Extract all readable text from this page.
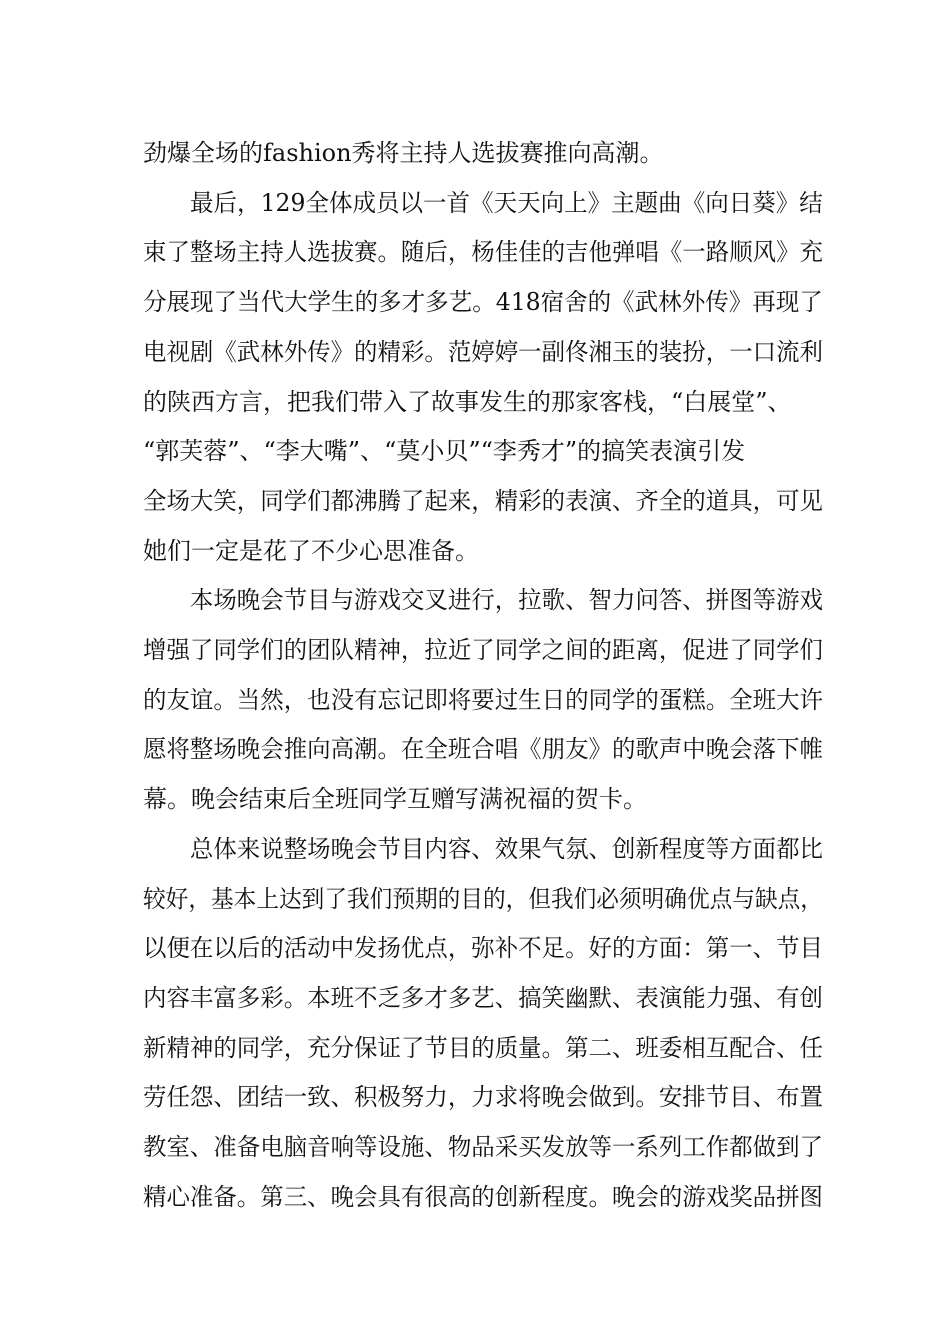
劲爆全场的fashion秀将主持人选拔赛推向高潮。
　　最后，129全体成员以一首《天天向上》主题曲《向日葵》结
束了整场主持人选拔赛。随后，杨佳佳的吉他弹唱《一路顺风》充
分展现了当代大学生的多才多艺。418宿舍的《武林外传》再现了
电视剧《武林外传》的精彩。范婷婷一副佟湘玉的装扮，一口流利
的陕西方言，把我们带入了故事发生的那家客栈，“白展堂”、
“郭芙蓉”、“李大嘴”、“莫小贝”“李秀才”的搞笑表演引发
全场大笑，同学们都沸腾了起来，精彩的表演、齐全的道具，可见
她们一定是花了不少心思准备。
　　本场晚会节目与游戏交叉进行，拉歌、智力问答、拼图等游戏
增强了同学们的团队精神，拉近了同学之间的距离，促进了同学们
的友谊。当然，也没有忘记即将要过生日的同学的蛋糕。全班大许
愿将整场晚会推向高潮。在全班合唱《朋友》的歌声中晚会落下帷
幕。晚会结束后全班同学互赠写满祝福的贺卡。
　　总体来说整场晚会节目内容、效果气氛、创新程度等方面都比
较好，基本上达到了我们预期的目的，但我们必须明确优点与缺点，
以便在以后的活动中发扬优点，弥补不足。好的方面：第一、节目
内容丰富多彩。本班不乏多才多艺、搞笑幽默、表演能力强、有创
新精神的同学，充分保证了节目的质量。第二、班委相互配合、任
劳任怨、团结一致、积极努力，力求将晚会做到。安排节目、布置
教室、准备电脑音响等设施、物品采买发放等一系列工作都做到了
精心准备。第三、晚会具有很高的创新程度。晚会的游戏奖品拼图
